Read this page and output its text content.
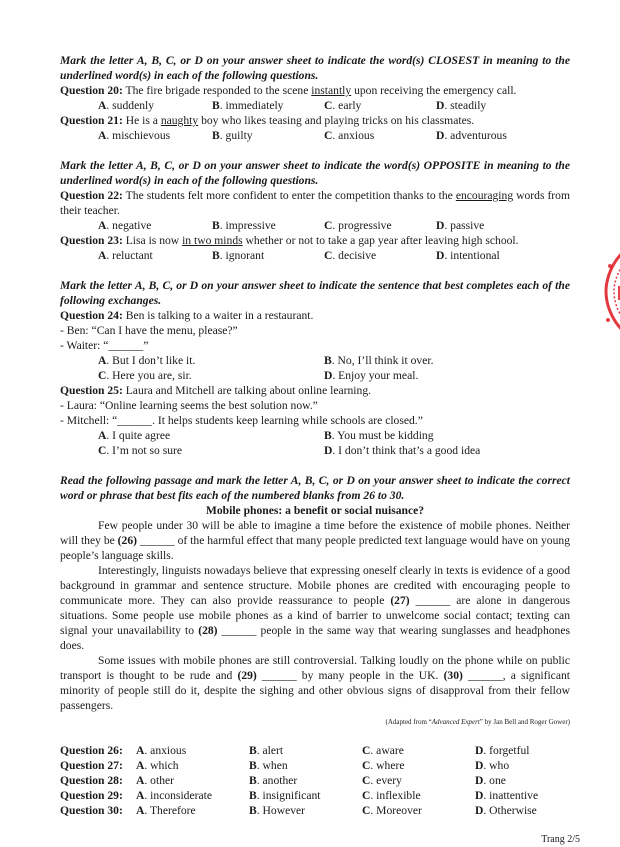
Mark the letter A, B, C, or D on your answer sheet to indicate the word(s) CLOSEST in meaning to the underlined word(s) in each of the following questions.
Question 20: The fire brigade responded to the scene instantly upon receiving the emergency call.
A. suddenly	B. immediately	C. early	D. steadily
Question 21: He is a naughty boy who likes teasing and playing tricks on his classmates.
A. mischievous	B. guilty	C. anxious	D. adventurous
Mark the letter A, B, C, or D on your answer sheet to indicate the word(s) OPPOSITE in meaning to the underlined word(s) in each of the following questions.
Question 22: The students felt more confident to enter the competition thanks to the encouraging words from their teacher.
A. negative	B. impressive	C. progressive	D. passive
Question 23: Lisa is now in two minds whether or not to take a gap year after leaving high school.
A. reluctant	B. ignorant	C. decisive	D. intentional
Mark the letter A, B, C, or D on your answer sheet to indicate the sentence that best completes each of the following exchanges.
Question 24: Ben is talking to a waiter in a restaurant.
- Ben: “Can I have the menu, please?”
- Waiter: “______”
A. But I don’t like it.	B. No, I’ll think it over.
C. Here you are, sir.	D. Enjoy your meal.
Question 25: Laura and Mitchell are talking about online learning.
- Laura: “Online learning seems the best solution now.”
- Mitchell: “______. It helps students keep learning while schools are closed.”
A. I quite agree	B. You must be kidding
C. I’m not so sure	D. I don’t think that’s a good idea
Read the following passage and mark the letter A, B, C, or D on your answer sheet to indicate the correct word or phrase that best fits each of the numbered blanks from 26 to 30.
Mobile phones: a benefit or social nuisance?
Few people under 30 will be able to imagine a time before the existence of mobile phones. Neither will they be (26) ______ of the harmful effect that many people predicted text language would have on young people’s language skills.
Interestingly, linguists nowadays believe that expressing oneself clearly in texts is evidence of a good background in grammar and sentence structure. Mobile phones are credited with encouraging people to communicate more. They can also provide reassurance to people (27) ______ are alone in dangerous situations. Some people use mobile phones as a kind of barrier to unwelcome social contact; texting can signal your unavailability to (28) ______ people in the same way that wearing sunglasses and headphones does.
Some issues with mobile phones are still controversial. Talking loudly on the phone while on public transport is thought to be rude and (29) ______ by many people in the UK. (30) ______, a significant minority of people still do it, despite the sighing and other obvious signs of disapproval from their fellow passengers.
(Adapted from “Advanced Expert” by Jan Bell and Roger Gower)
Question 26:	A. anxious	B. alert	C. aware	D. forgetful
Question 27:	A. which	B. when	C. where	D. who
Question 28:	A. other	B. another	C. every	D. one
Question 29:	A. inconsiderate	B. insignificant	C. inflexible	D. inattentive
Question 30:	A. Therefore	B. However	C. Moreover	D. Otherwise
Trang 2/5
